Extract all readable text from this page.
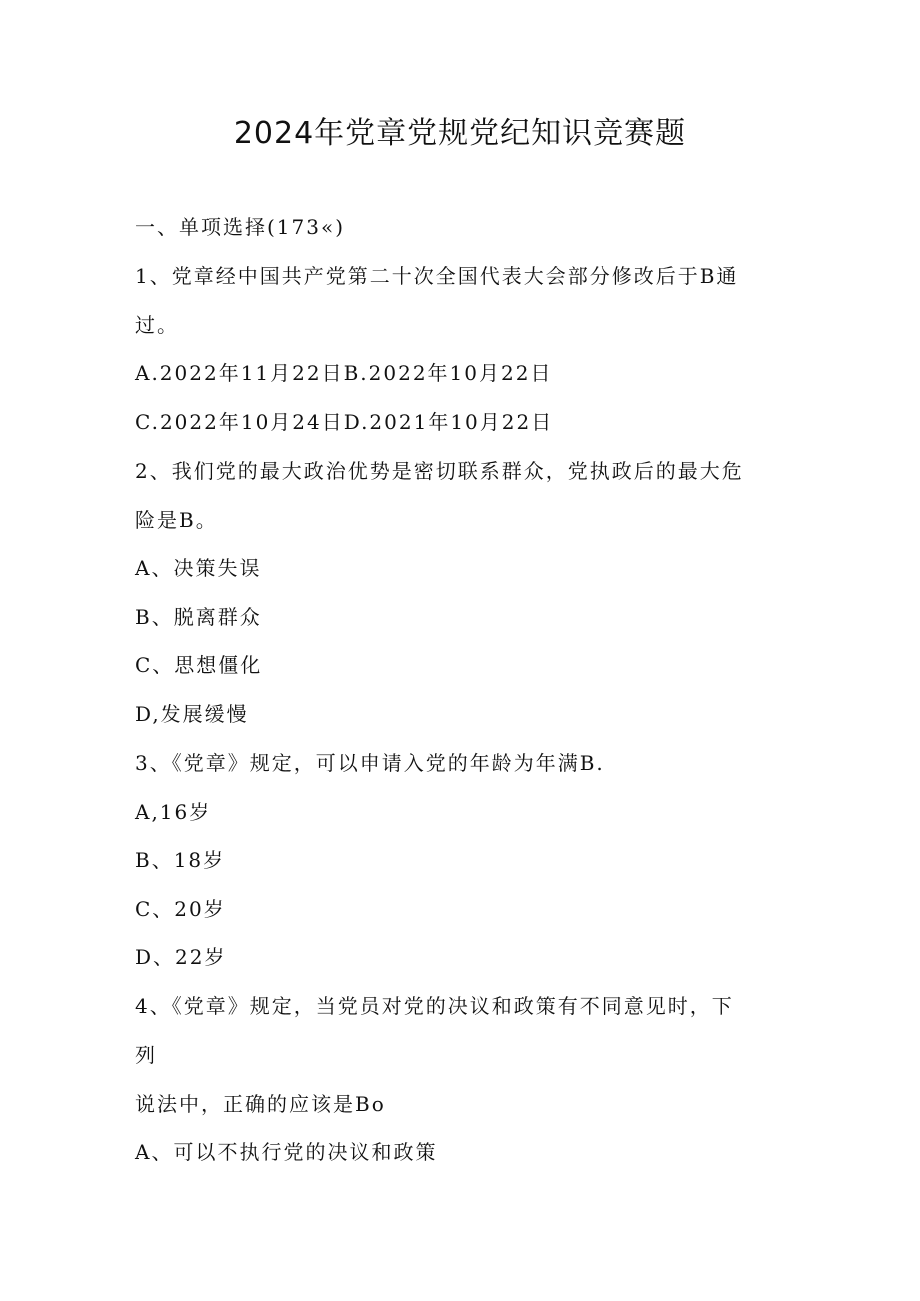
2024年党章党规党纪知识竞赛题
一、单项选择(173«)
1、党章经中国共产党第二十次全国代表大会部分修改后于B通
过。
A.2022年11月22日B.2022年10月22日
C.2022年10月24日D.2021年10月22日
2、我们党的最大政治优势是密切联系群众，党执政后的最大危
险是B。
A、决策失误
B、脱离群众
C、思想僵化
D,发展缓慢
3、《党章》规定，可以申请入党的年龄为年满B.
A,16岁
B、18岁
C、20岁
D、22岁
4、《党章》规定，当党员对党的决议和政策有不同意见时，下
列
说法中，正确的应该是Bo
A、可以不执行党的决议和政策
